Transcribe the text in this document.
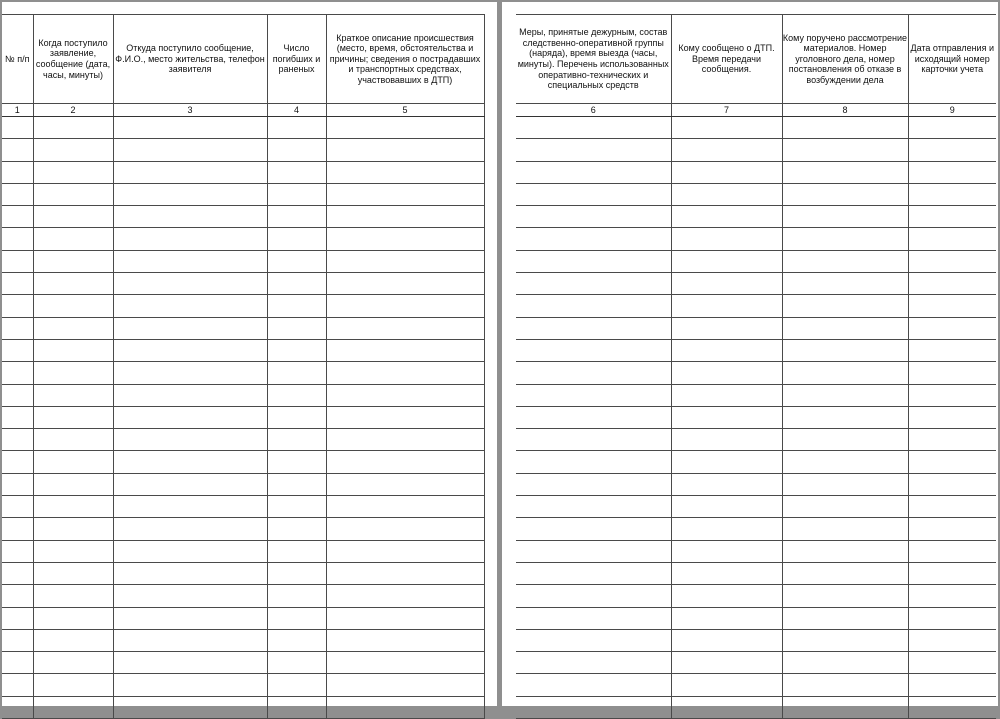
№ п/п	Когда поступило заявление, сообщение (дата, часы, минуты)	Откуда поступило сообщение, Ф.И.О., место жительства, телефон заявителя	Число погибших и раненых	Краткое описание происшествия (место, время, обстоятельства и причины; сведения о пострадавших и транспортных средствах, участвовавших в ДТП)
1	2	3	4	5

Меры, принятые дежурным, состав следственно-оперативной группы (наряда), время выезда (часы, минуты). Перечень использованных оперативно-технических и специальных средств	Кому сообщено о ДТП. Время передачи сообщения.	Кому поручено рассмотрение материалов. Номер уголовного дела, номер постановления об отказе в возбуждении дела	Дата отправления и исходящий номер карточки учета
6	7	8	9
